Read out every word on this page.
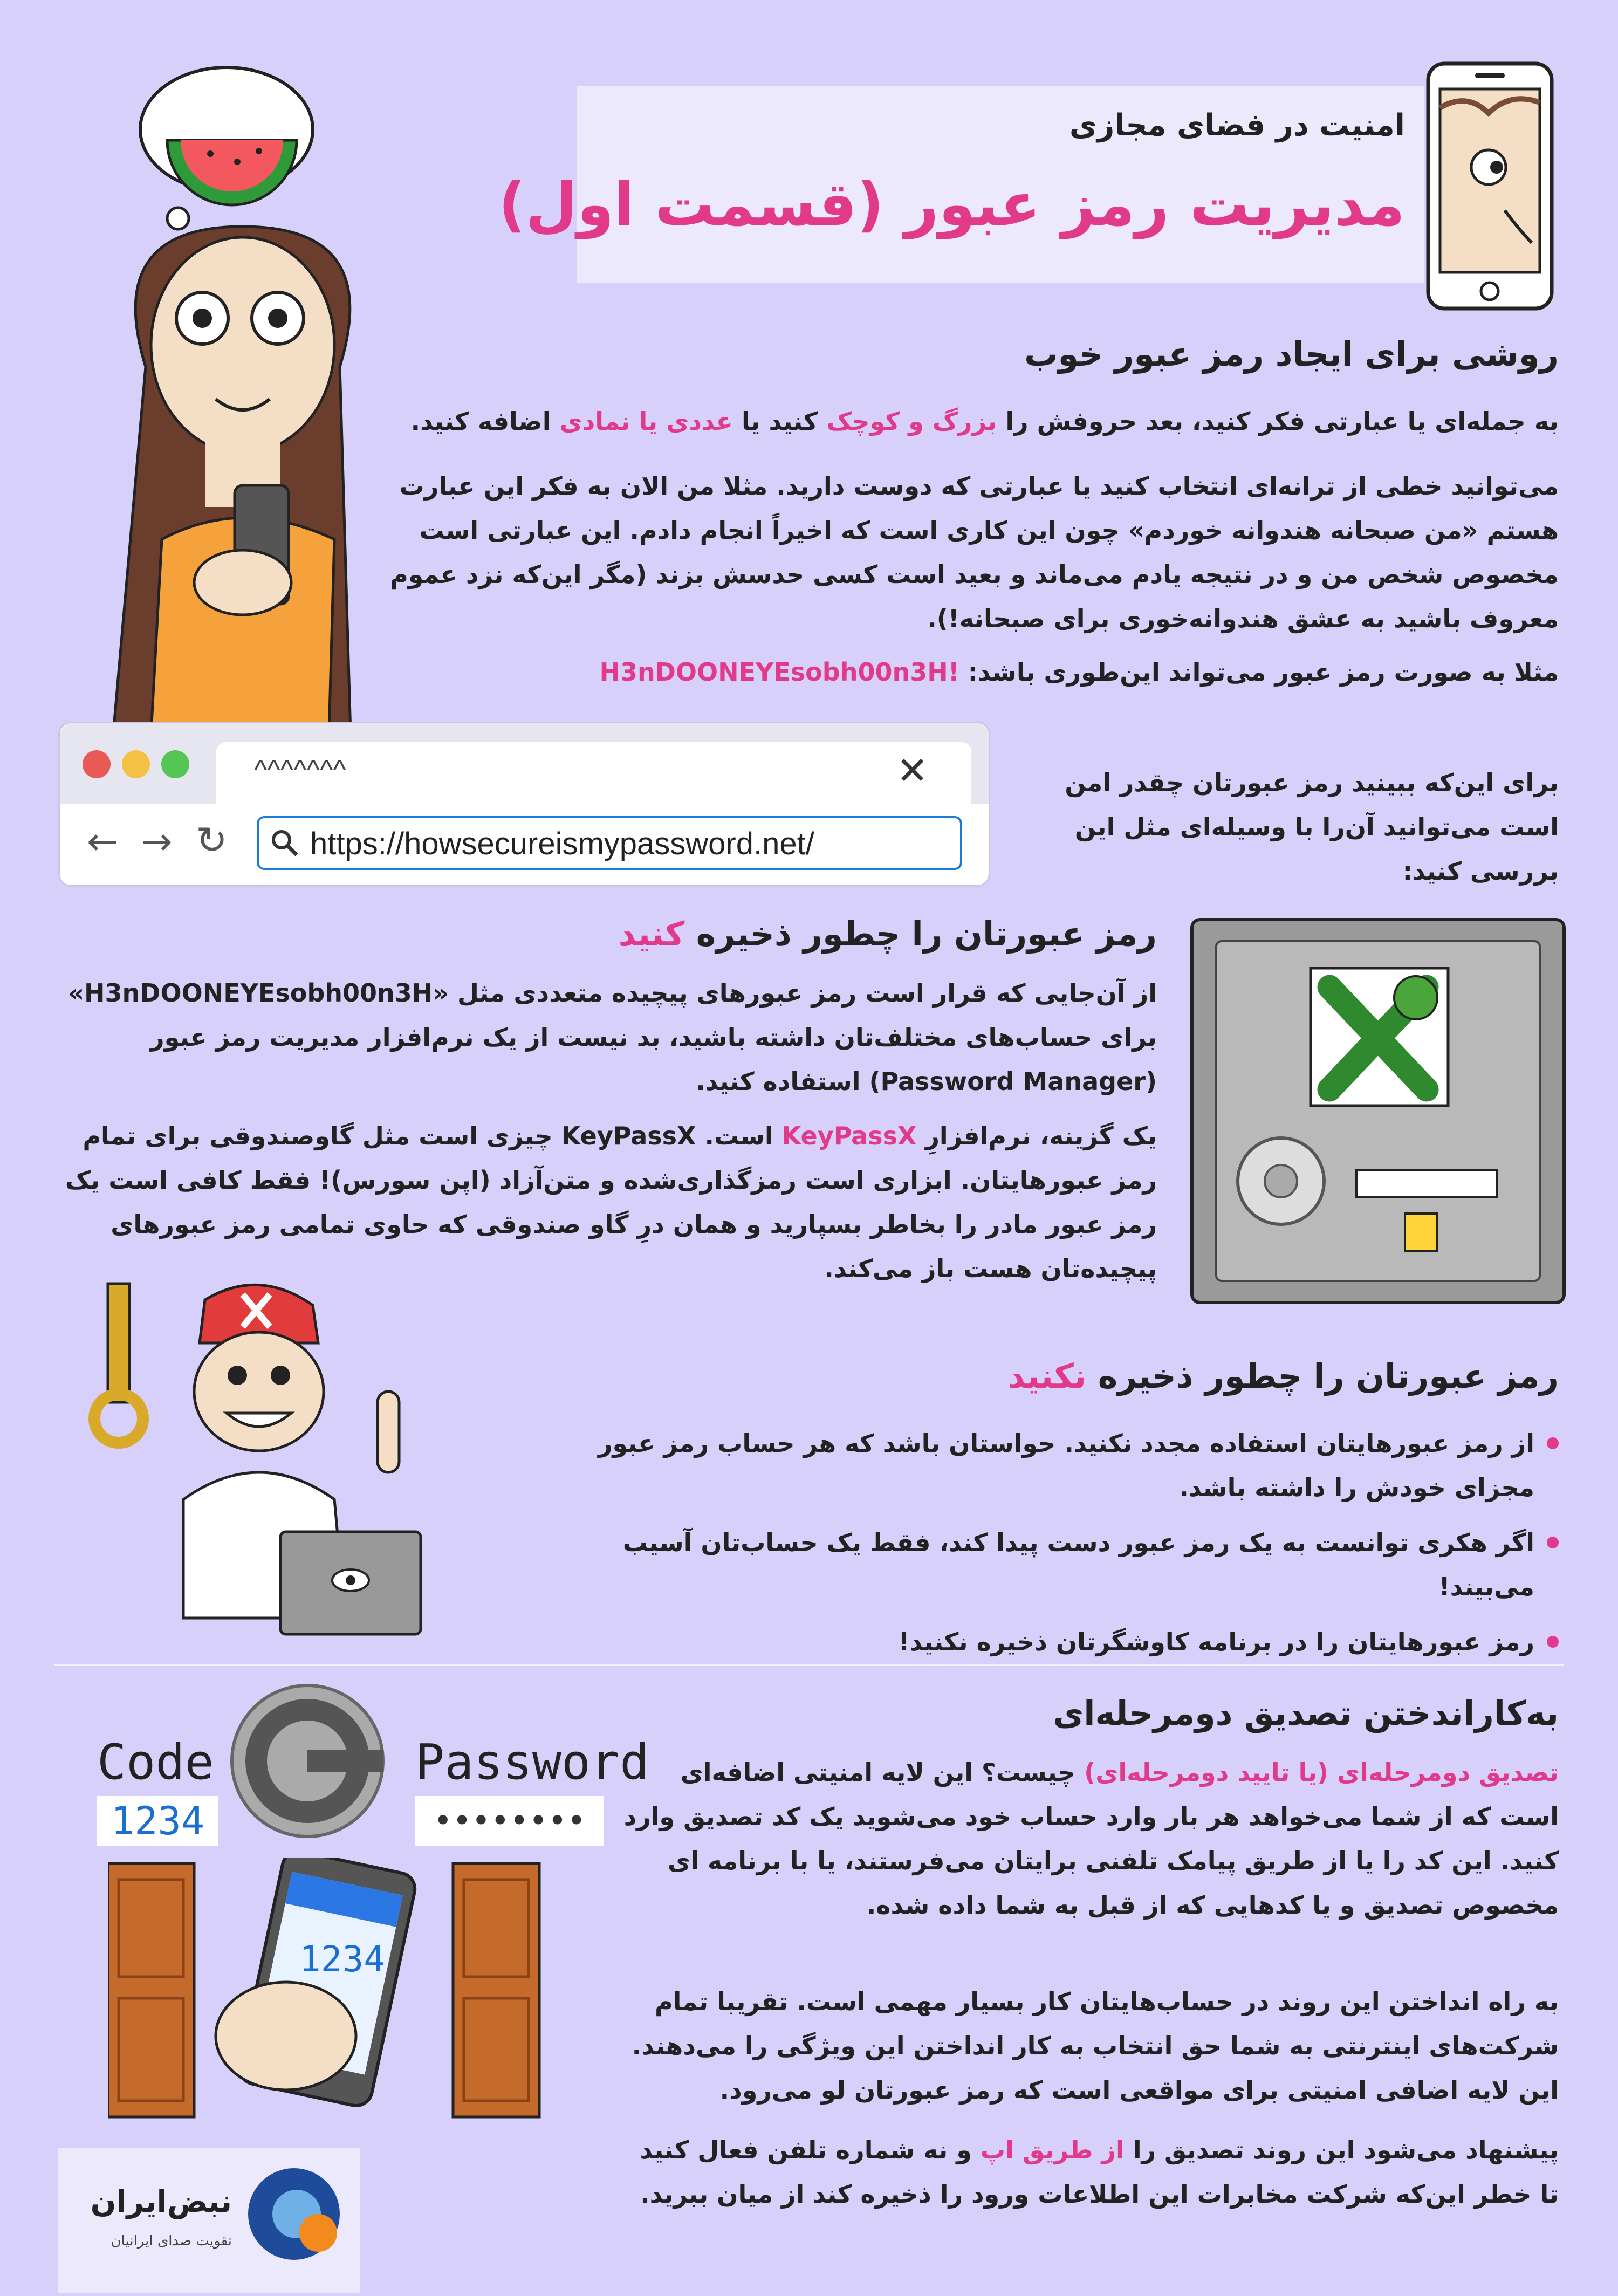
امنیت در فضای مجازی
مدیریت رمز عبور (قسمت اول)
روشی برای ایجاد رمز عبور خوب
به جمله‌ای یا عبارتی فکر کنید، بعد حروفش را بزرگ و کوچک کنید یا عددی یا نمادی اضافه کنید.
می‌توانید خطی از ترانه‌ای انتخاب کنید یا عبارتی که دوست دارید. مثلا من الان به فکر این عبارت هستم «من صبحانه هندوانه خوردم» چون این کاری است که اخیراً انجام دادم. این عبارتی است مخصوص شخص من و در نتیجه یادم می‌ماند و بعید است کسی حدسش بزند (مگر این‌که نزد عموم معروف باشید به عشق هندوانه‌خوری برای صبحانه!).
مثلا به صورت رمز عبور می‌تواند این‌طوری باشد: H3nDOONEYEsobh00n3H!
^^^^^^^	✕
← → ↻	https://howsecureismypassword.net/
برای این‌که ببینید رمز عبورتان چقدر امن است می‌توانید آن‌را با وسیله‌ای مثل این بررسی کنید:
رمز عبورتان را چطور ذخیره کنید
از آن‌جایی که قرار است رمز عبورهای پیچیده متعددی مثل «H3nDOONEYEsobh00n3H» برای حساب‌های مختلف‌تان داشته باشید، بد نیست از یک نرم‌افزار مدیریت رمز عبور (Password Manager) استفاده کنید.
یک گزینه، نرم‌افزارِ KeyPassX است. KeyPassX چیزی است مثل گاوصندوقی برای تمام رمز عبورهایتان. ابزاری است رمزگذاری‌شده و متن‌آزاد (اپن سورس)! فقط کافی است یک رمز عبور مادر را بخاطر بسپارید و همان درِ گاو صندوقی که حاوی تمامی رمز عبورهای پیچیده‌تان هست باز می‌کند.
رمز عبورتان را چطور ذخیره نکنید
از رمز عبورهایتان استفاده مجدد نکنید. حواستان باشد که هر حساب رمز عبور مجزای خودش را داشته باشد.
اگر هکری توانست به یک رمز عبور دست پیدا کند، فقط یک حساب‌تان آسیب می‌بیند!
رمز عبورهایتان را در برنامه کاوشگرتان ذخیره نکنید!
به‌کاراندختن تصدیق دومرحله‌ای
تصدیق دومرحله‌ای (یا تایید دومرحله‌ای) چیست؟ این لایه امنیتی اضافه‌ای است که از شما می‌خواهد هر بار وارد حساب خود می‌شوید یک کد تصدیق وارد کنید. این کد را یا از طریق پیامک تلفنی برایتان می‌فرستند، یا با برنامه ای مخصوص تصدیق و یا کدهایی که از قبل به شما داده شده.
به راه انداختن این روند در حساب‌هایتان کار بسیار مهمی است. تقریبا تمام شرکت‌های اینترنتی به شما حق انتخاب به کار انداختن این ویژگی را می‌دهند. این لایه اضافی امنیتی برای مواقعی است که رمز عبورتان لو می‌رود.
پیشنهاد می‌شود این روند تصدیق را از طریق اپ و نه شماره تلفن فعال کنید تا خطر این‌که شرکت مخابرات این اطلاعات ورود را ذخیره کند از میان ببرید.
Code
1234
Password
••••••••
1234
نبض‌ایران
تقویت صدای ایرانیان
